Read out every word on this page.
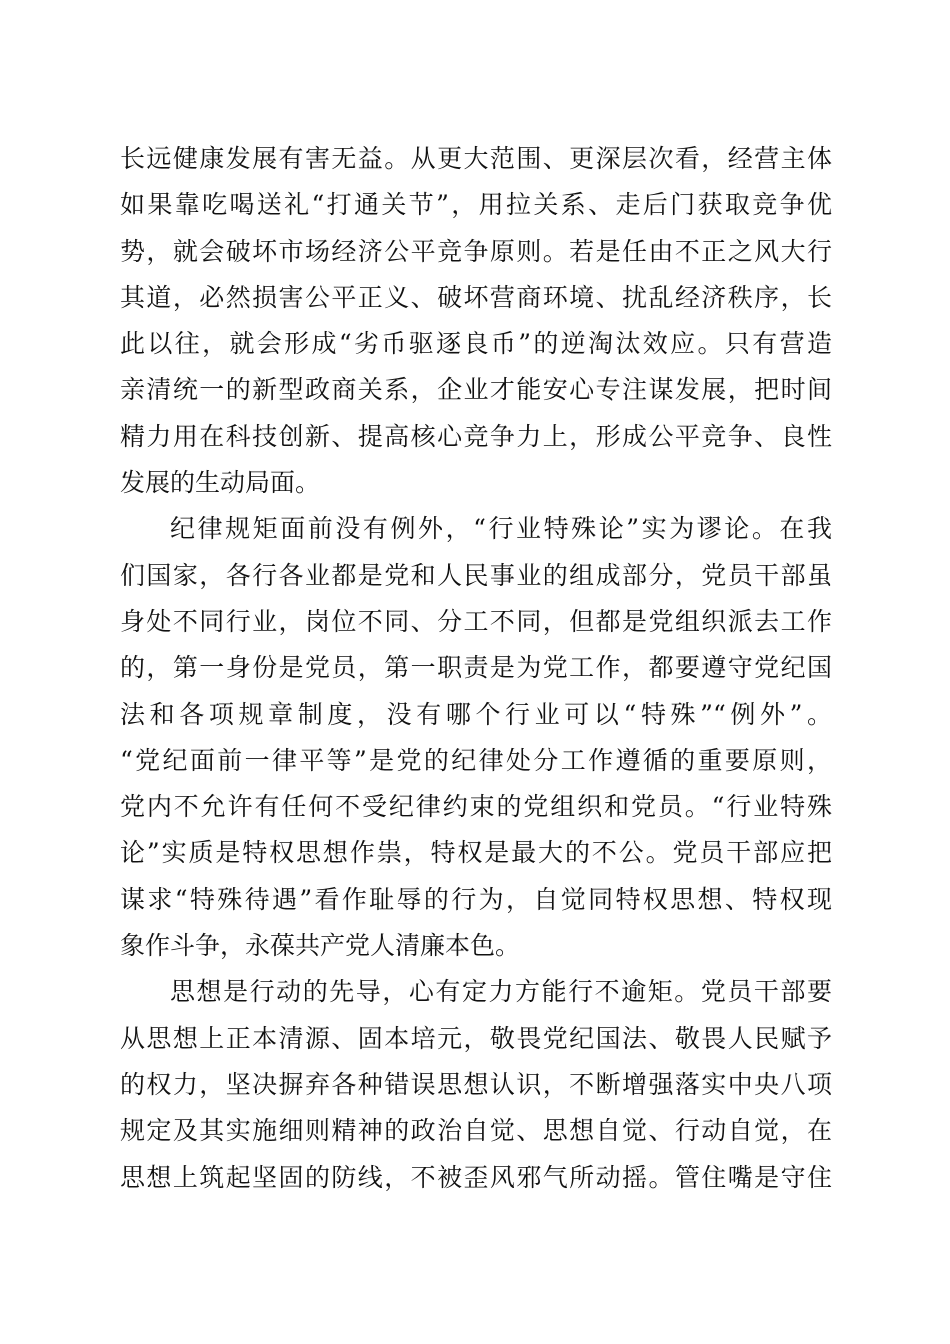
长远健康发展有害无益。从更大范围、更深层次看，经营主体
如果靠吃喝送礼“打通关节”，用拉关系、走后门获取竞争优
势，就会破坏市场经济公平竞争原则。若是任由不正之风大行
其道，必然损害公平正义、破坏营商环境、扰乱经济秩序，长
此以往，就会形成“劣币驱逐良币”的逆淘汰效应。只有营造
亲清统一的新型政商关系，企业才能安心专注谋发展，把时间
精力用在科技创新、提高核心竞争力上，形成公平竞争、良性
发展的生动局面。
纪律规矩面前没有例外，“行业特殊论”实为谬论。在我
们国家，各行各业都是党和人民事业的组成部分，党员干部虽
身处不同行业，岗位不同、分工不同，但都是党组织派去工作
的，第一身份是党员，第一职责是为党工作，都要遵守党纪国
法和各项规章制度，没有哪个行业可以“特殊”“例外”。
“党纪面前一律平等”是党的纪律处分工作遵循的重要原则，
党内不允许有任何不受纪律约束的党组织和党员。“行业特殊
论”实质是特权思想作祟，特权是最大的不公。党员干部应把
谋求“特殊待遇”看作耻辱的行为，自觉同特权思想、特权现
象作斗争，永葆共产党人清廉本色。
思想是行动的先导，心有定力方能行不逾矩。党员干部要
从思想上正本清源、固本培元，敬畏党纪国法、敬畏人民赋予
的权力，坚决摒弃各种错误思想认识，不断增强落实中央八项
规定及其实施细则精神的政治自觉、思想自觉、行动自觉，在
思想上筑起坚固的防线，不被歪风邪气所动摇。管住嘴是守住
